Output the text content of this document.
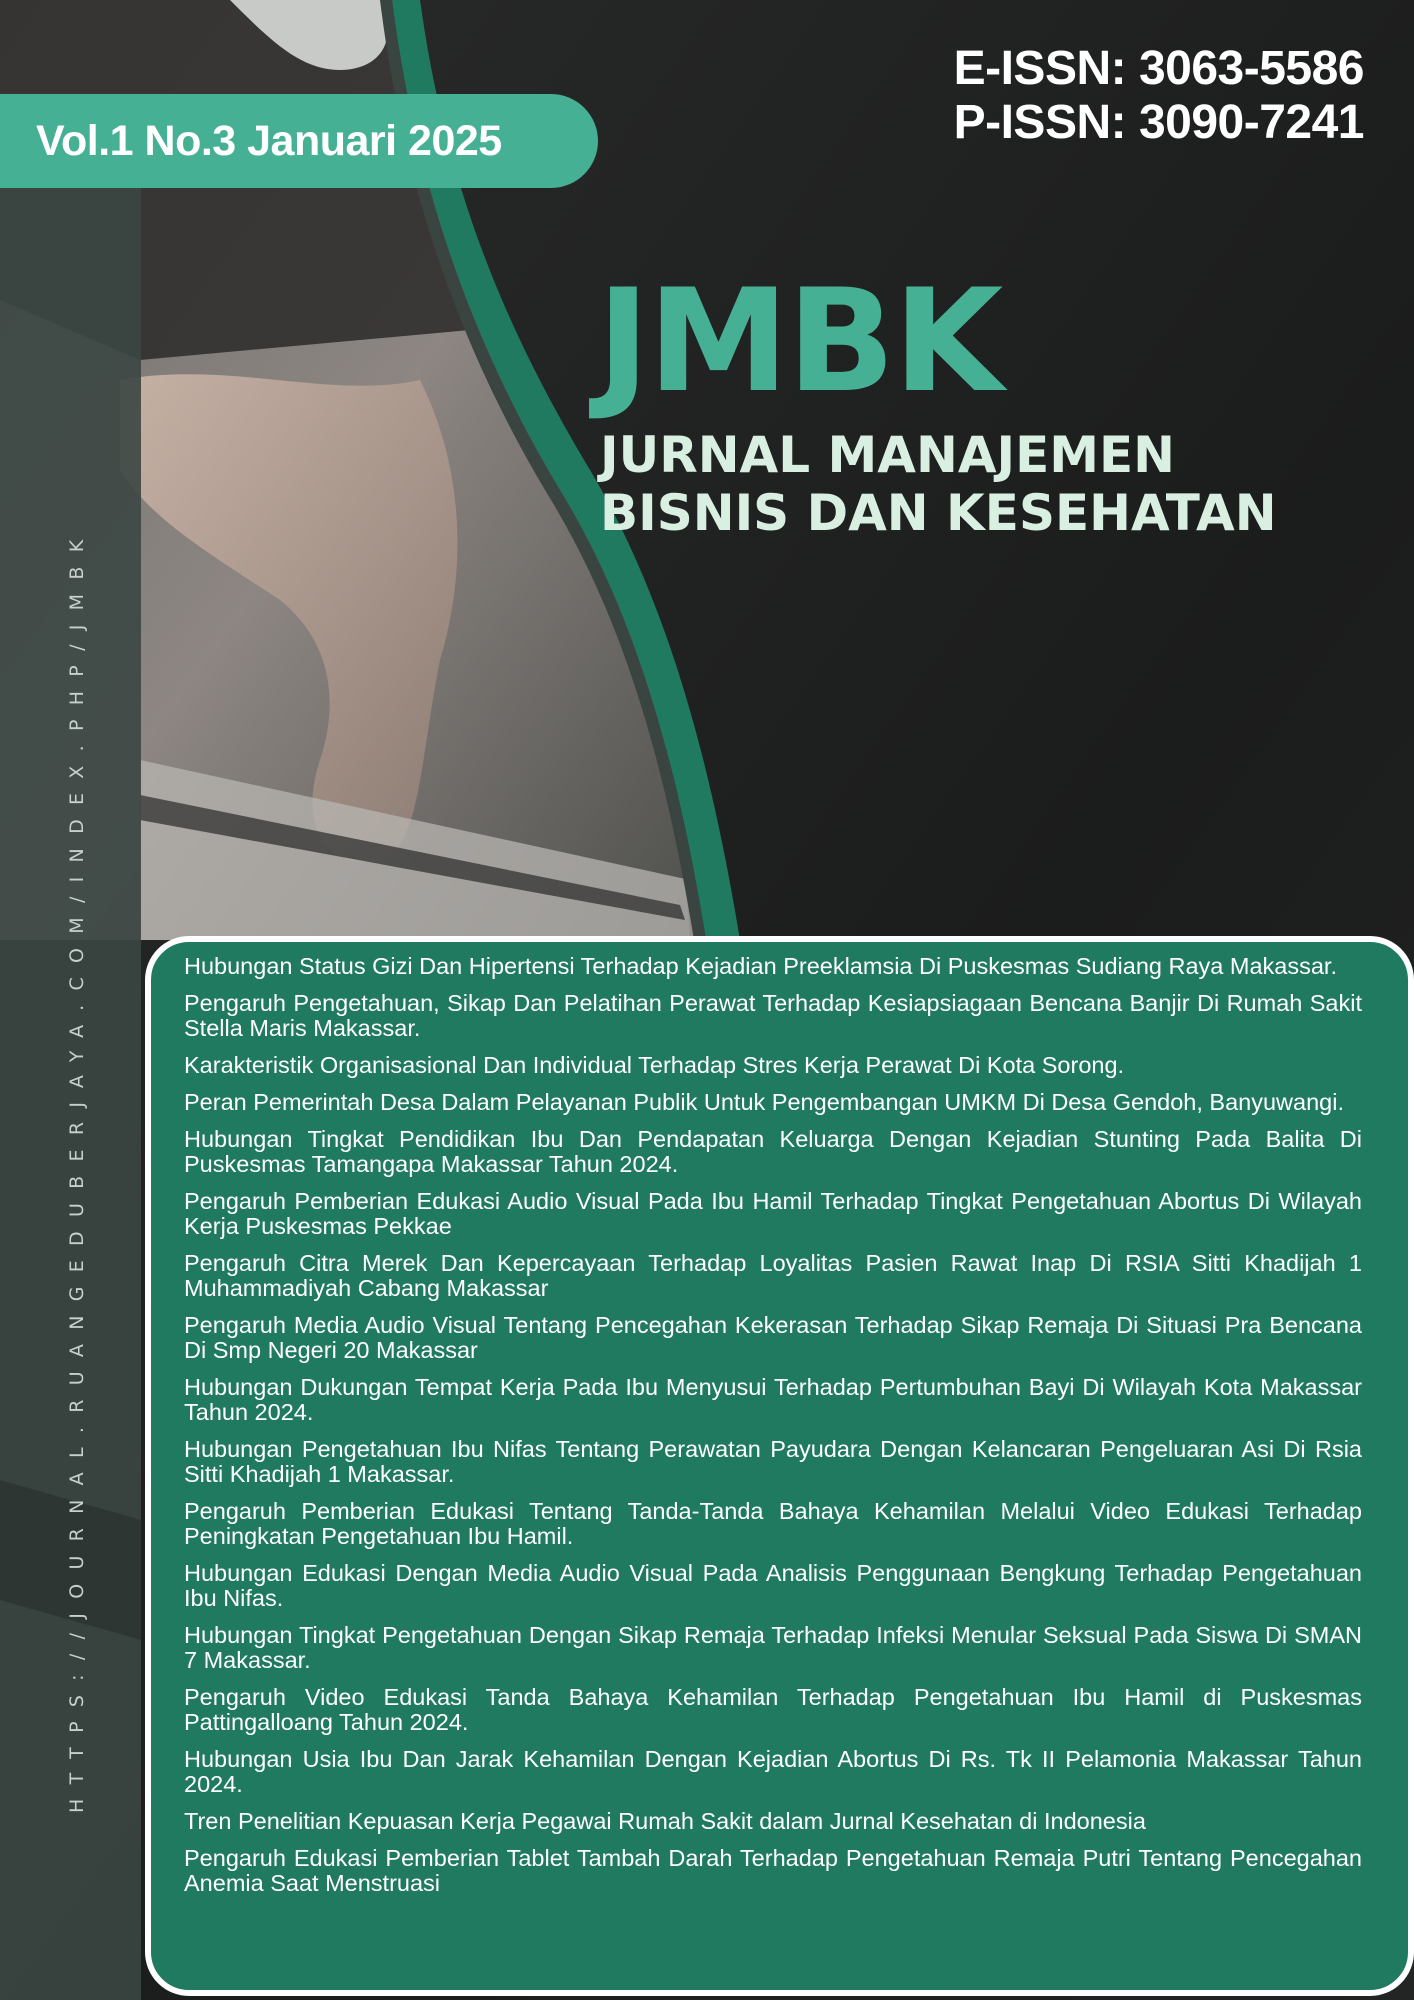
Vol.1 No.3 Januari 2025
E-ISSN: 3063-5586
P-ISSN: 3090-7241
JMBK
JURNAL MANAJEMEN
BISNIS DAN KESEHATAN
HTTPS://JOURNAL.RUANGEDUBERJAYA.COM/INDEX.PHP/JMBK	Hubungan Status Gizi Dan Hipertensi Terhadap Kejadian Preeklamsia Di Puskesmas Sudiang Raya Makassar.
Pengaruh Pengetahuan, Sikap Dan Pelatihan Perawat Terhadap Kesiapsiagaan Bencana Banjir Di Rumah Sakit Stella Maris Makassar.
Karakteristik Organisasional Dan Individual Terhadap Stres Kerja Perawat Di Kota Sorong.
Peran Pemerintah Desa Dalam Pelayanan Publik Untuk Pengembangan UMKM Di Desa Gendoh, Banyuwangi.
Hubungan Tingkat Pendidikan Ibu Dan Pendapatan Keluarga Dengan Kejadian Stunting Pada Balita Di Puskesmas Tamangapa Makassar Tahun 2024.
Pengaruh Pemberian Edukasi Audio Visual Pada Ibu Hamil Terhadap Tingkat Pengetahuan Abortus Di Wilayah Kerja Puskesmas Pekkae
Pengaruh Citra Merek Dan Kepercayaan Terhadap Loyalitas Pasien Rawat Inap Di RSIA Sitti Khadijah 1 Muhammadiyah Cabang Makassar
Pengaruh Media Audio Visual Tentang Pencegahan Kekerasan Terhadap Sikap Remaja Di Situasi Pra Bencana Di Smp Negeri 20 Makassar
Hubungan Dukungan Tempat Kerja Pada Ibu Menyusui Terhadap Pertumbuhan Bayi Di Wilayah Kota Makassar Tahun 2024.
Hubungan Pengetahuan Ibu Nifas Tentang Perawatan Payudara Dengan Kelancaran Pengeluaran Asi Di Rsia Sitti Khadijah 1 Makassar.
Pengaruh Pemberian Edukasi Tentang Tanda-Tanda Bahaya Kehamilan Melalui Video Edukasi Terhadap Peningkatan Pengetahuan Ibu Hamil.
Hubungan Edukasi Dengan Media Audio Visual Pada Analisis Penggunaan Bengkung Terhadap Pengetahuan Ibu Nifas.
Hubungan Tingkat Pengetahuan Dengan Sikap Remaja Terhadap Infeksi Menular Seksual Pada Siswa Di SMAN 7 Makassar.
Pengaruh Video Edukasi Tanda Bahaya Kehamilan Terhadap Pengetahuan Ibu Hamil di Puskesmas Pattingalloang Tahun 2024.
Hubungan Usia Ibu Dan Jarak Kehamilan Dengan Kejadian Abortus Di Rs. Tk II Pelamonia Makassar Tahun 2024.
Tren Penelitian Kepuasan Kerja Pegawai Rumah Sakit dalam Jurnal Kesehatan di Indonesia
Pengaruh Edukasi Pemberian Tablet Tambah Darah Terhadap Pengetahuan Remaja Putri Tentang Pencegahan Anemia Saat Menstruasi
